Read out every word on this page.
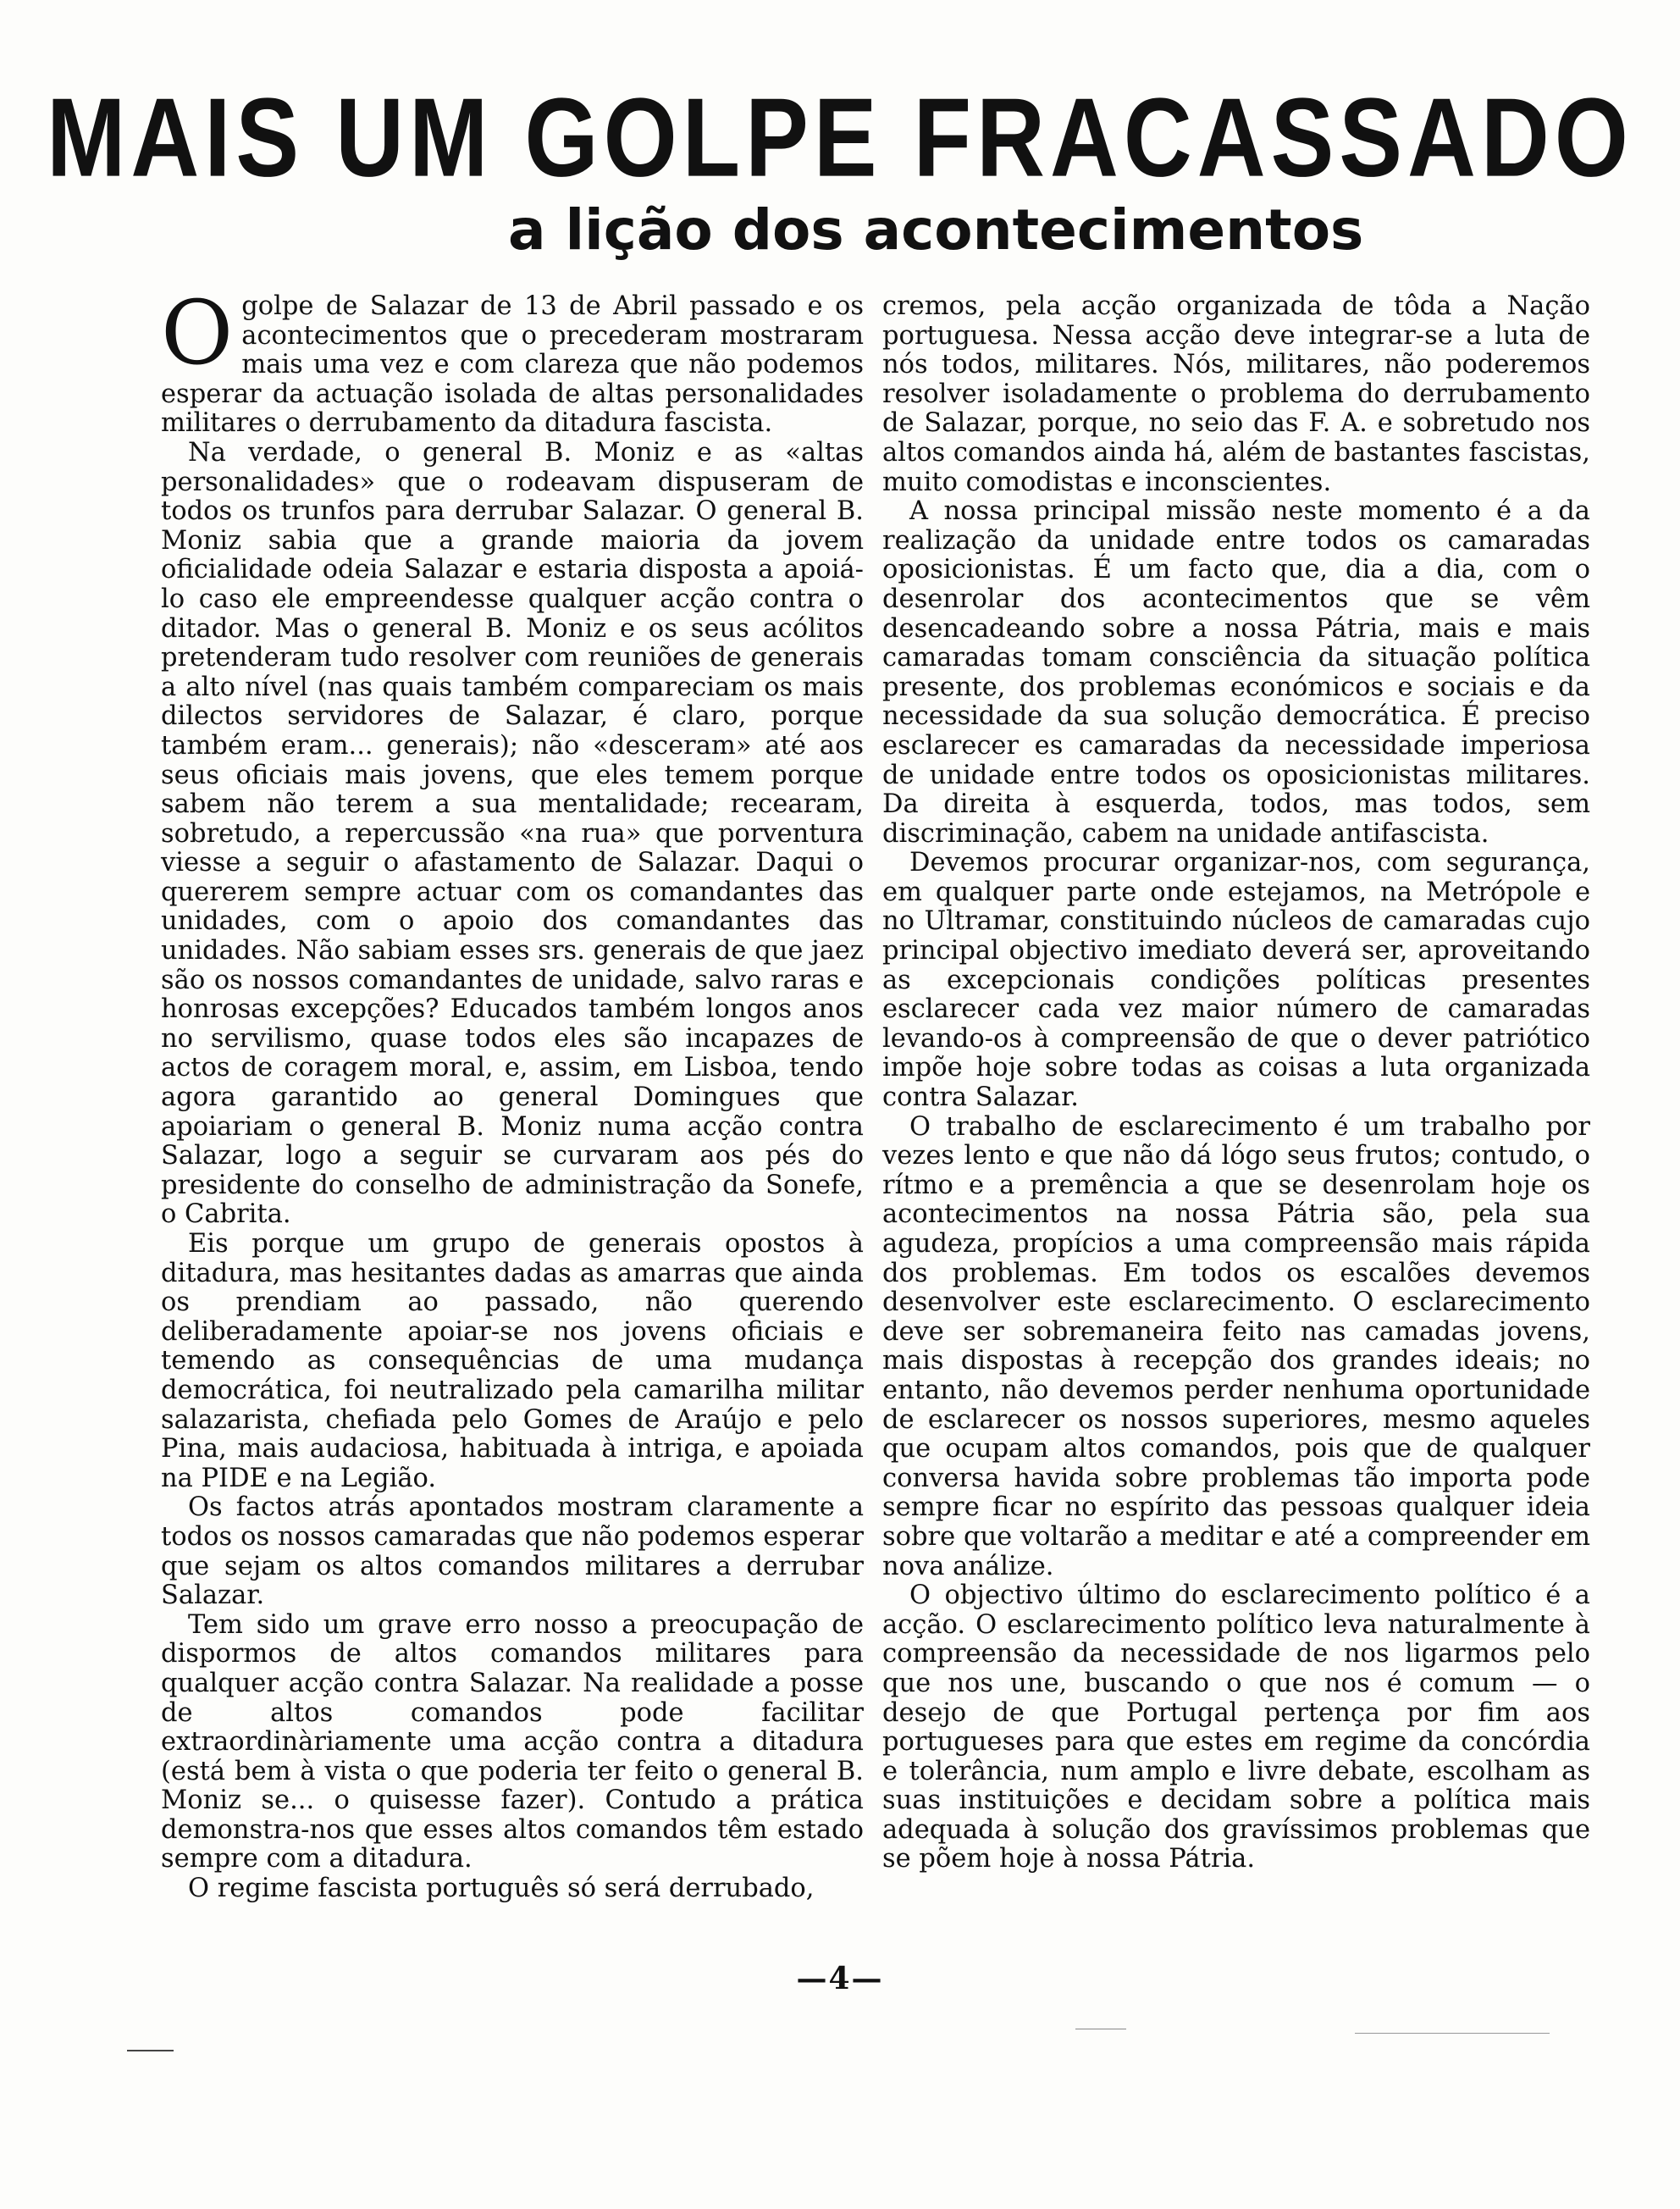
MAIS UM GOLPE FRACASSADO
a lição dos acontecimentos

Ogolpe de Salazar de 13 de Abril passado e os acontecimentos que o precederam mostraram mais uma vez e com clareza que não podemos esperar da actuação isolada de altas personalidades militares o derrubamento da ditadura fascista.

Na verdade, o general B. Moniz e as «altas personalidades» que o rodeavam dispuseram de todos os trunfos para derrubar Salazar. O general B. Moniz sabia que a grande maioria da jovem oficialidade odeia Salazar e estaria disposta a apoiá-lo caso ele empreendesse qualquer acção contra o ditador. Mas o general B. Moniz e os seus acólitos pretenderam tudo resolver com reuniões de generais a alto nível (nas quais também compareciam os mais dilectos servidores de Salazar, é claro, porque também eram... generais); não «desceram» até aos seus oficiais mais jovens, que eles temem porque sabem não terem a sua mentalidade; recearam, sobretudo, a repercussão «na rua» que porventura viesse a seguir o afastamento de Salazar. Daqui o quererem sempre actuar com os comandantes das unidades, com o apoio dos comandantes das unidades. Não sabiam esses srs. generais de que jaez são os nossos comandantes de unidade, salvo raras e honrosas excepções? Educados também longos anos no servilismo, quase todos eles são incapazes de actos de coragem moral, e, assim, em Lisboa, tendo agora garantido ao general Domingues que apoiariam o general B. Moniz numa acção contra Salazar, logo a seguir se curvaram aos pés do presidente do conselho de administração da Sonefe, o Cabrita.

Eis porque um grupo de generais opostos à ditadura, mas hesitantes dadas as amarras que ainda os prendiam ao passado, não querendo deliberadamente apoiar-se nos jovens oficiais e temendo as consequências de uma mudança democrática, foi neutralizado pela camarilha militar salazarista, chefiada pelo Gomes de Araújo e pelo Pina, mais audaciosa, habituada à intriga, e apoiada na PIDE e na Legião.

Os factos atrás apontados mostram claramente a todos os nossos camaradas que não podemos esperar que sejam os altos comandos militares a derrubar Salazar.

Tem sido um grave erro nosso a preocupação de dispormos de altos comandos militares para qualquer acção contra Salazar. Na realidade a posse de altos comandos pode facilitar extraordinàriamente uma acção contra a ditadura (está bem à vista o que poderia ter feito o general B. Moniz se... o quisesse fazer). Contudo a prática demonstra-nos que esses altos comandos têm estado sempre com a ditadura.

O regime fascista português só será derrubado,

cremos, pela acção organizada de tôda a Nação portuguesa. Nessa acção deve integrar-se a luta de nós todos, militares. Nós, militares, não poderemos resolver isoladamente o problema do derrubamento de Salazar, porque, no seio das F. A. e sobretudo nos altos comandos ainda há, além de bastantes fascistas, muito comodistas e inconscientes.

A nossa principal missão neste momento é a da realização da unidade entre todos os camaradas oposicionistas. É um facto que, dia a dia, com o desenrolar dos acontecimentos que se vêm desencadeando sobre a nossa Pátria, mais e mais camaradas tomam consciência da situação política presente, dos problemas económicos e sociais e da necessidade da sua solução democrática. É preciso esclarecer es camaradas da necessidade imperiosa de unidade entre todos os oposicionistas militares. Da direita à esquerda, todos, mas todos, sem discriminação, cabem na unidade antifascista.

Devemos procurar organizar-nos, com segurança, em qualquer parte onde estejamos, na Metrópole e no Ultramar, constituindo núcleos de camaradas cujo principal objectivo imediato deverá ser, aproveitando as excepcionais condições políticas presentes esclarecer cada vez maior número de camaradas levando-os à compreensão de que o dever patriótico impõe hoje sobre todas as coisas a luta organizada contra Salazar.

O trabalho de esclarecimento é um trabalho por vezes lento e que não dá lógo seus frutos; contudo, o rítmo e a premência a que se desenrolam hoje os acontecimentos na nossa Pátria são, pela sua agudeza, propícios a uma compreensão mais rápida dos problemas. Em todos os escalões devemos desenvolver este esclarecimento. O esclarecimento deve ser sobremaneira feito nas camadas jovens, mais dispostas à recepção dos grandes ideais; no entanto, não devemos perder nenhuma oportunidade de esclarecer os nossos superiores, mesmo aqueles que ocupam altos comandos, pois que de qualquer conversa havida sobre problemas tão importa pode sempre ficar no espírito das pessoas qualquer ideia sobre que voltarão a meditar e até a compreender em nova análize.

O objectivo último do esclarecimento político é a acção. O esclarecimento político leva naturalmente à compreensão da necessidade de nos ligarmos pelo que nos une, buscando o que nos é comum — o desejo de que Portugal pertença por fim aos portugueses para que estes em regime da concórdia e tolerância, num amplo e livre debate, escolham as suas instituições e decidam sobre a política mais adequada à solução dos gravíssimos problemas que se põem hoje à nossa Pátria.

—4—
